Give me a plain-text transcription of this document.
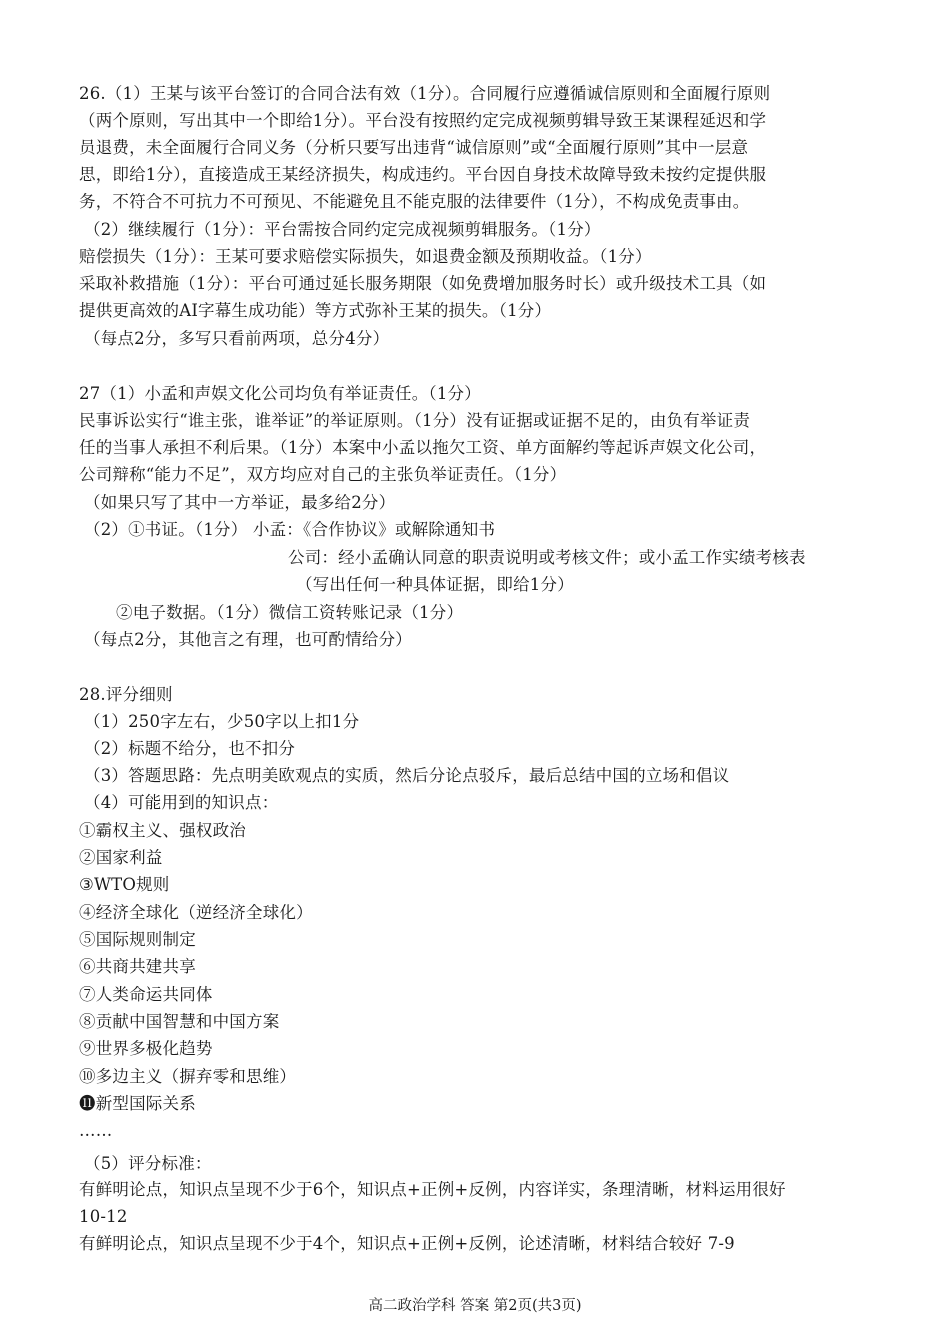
26.（1）王某与该平台签订的合同合法有效（1分）。合同履行应遵循诚信原则和全面履行原则
（两个原则，写出其中一个即给1分）。平台没有按照约定完成视频剪辑导致王某课程延迟和学
员退费，未全面履行合同义务（分析只要写出违背“诚信原则”或“全面履行原则”其中一层意
思，即给1分），直接造成王某经济损失，构成违约。平台因自身技术故障导致未按约定提供服
务，不符合不可抗力不可预见、不能避免且不能克服的法律要件（1分），不构成免责事由。
（2）继续履行（1分）：平台需按合同约定完成视频剪辑服务。（1分）
赔偿损失（1分）：王某可要求赔偿实际损失，如退费金额及预期收益。（1分）
采取补救措施（1分）：平台可通过延长服务期限（如免费增加服务时长）或升级技术工具（如
提供更高效的AI字幕生成功能）等方式弥补王某的损失。（1分）
（每点2分，多写只看前两项，总分4分）
27（1）小孟和声娱文化公司均负有举证责任。（1分）
民事诉讼实行“谁主张，谁举证”的举证原则。（1分）没有证据或证据不足的，由负有举证责
任的当事人承担不利后果。（1分）本案中小孟以拖欠工资、单方面解约等起诉声娱文化公司，
公司辩称“能力不足”，双方均应对自己的主张负举证责任。（1分）
（如果只写了其中一方举证，最多给2分）
（2）①书证。（1分） 小孟：《合作协议》或解除通知书
公司：经小孟确认同意的职责说明或考核文件；或小孟工作实绩考核表
（写出任何一种具体证据，即给1分）
②电子数据。（1分）微信工资转账记录（1分）
（每点2分，其他言之有理，也可酌情给分）
28.评分细则
（1）250字左右，少50字以上扣1分
（2）标题不给分，也不扣分
（3）答题思路：先点明美欧观点的实质，然后分论点驳斥，最后总结中国的立场和倡议
（4）可能用到的知识点：
①霸权主义、强权政治
②国家利益
③WTO规则
④经济全球化（逆经济全球化）
⑤国际规则制定
⑥共商共建共享
⑦人类命运共同体
⑧贡献中国智慧和中国方案
⑨世界多极化趋势
⑩多边主义（摒弃零和思维）
⓫新型国际关系
……
（5）评分标准：
有鲜明论点，知识点呈现不少于6个，知识点+正例+反例，内容详实，条理清晰，材料运用很好
10-12
有鲜明论点，知识点呈现不少于4个，知识点+正例+反例，论述清晰，材料结合较好 7-9
高二政治学科 答案 第2页(共3页)
